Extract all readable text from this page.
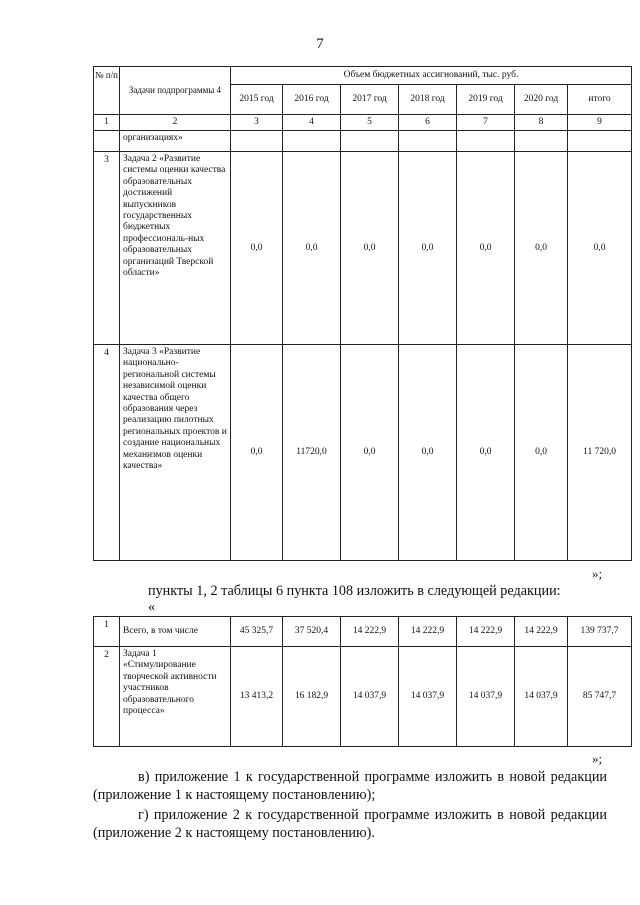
7
№ п/п	Задачи подпрограммы 4	Объем бюджетных ассигнований, тыс. руб.						
		2015 год	2016 год	2017 год	2018 год	2019 год	2020 год	итого
1	2	3	4	5	6	7	8	9
	организациях»							
3	Задача 2 «Развитие системы оценки качества образовательных достижений выпускников государственных бюджетных профессиональ-ных образовательных организаций Тверской области»	0,0	0,0	0,0	0,0	0,0	0,0	0,0
4	Задача 3 «Развитие национально-региональной системы независимой оценки качества общего образования через реализацию пилотных региональных проектов и создание национальных механизмов оценки качества»	0,0	11720,0	0,0	0,0	0,0	0,0	11 720,0
»;
пункты 1, 2 таблицы 6 пункта 108 изложить в следующей редакции:
«
1	Всего, в том числе	45 325,7	37 520,4	14 222,9	14 222,9	14 222,9	14 222,9	139 737,7
2	Задача 1 «Стимулирование творческой активности участников образовательного процесса»	13 413,2	16 182,9	14 037,9	14 037,9	14 037,9	14 037,9	85 747,7
»;
в) приложение 1 к государственной программе изложить в новой редакции (приложение 1 к настоящему постановлению);
г) приложение 2 к государственной программе изложить в новой редакции (приложение 2 к настоящему постановлению).
